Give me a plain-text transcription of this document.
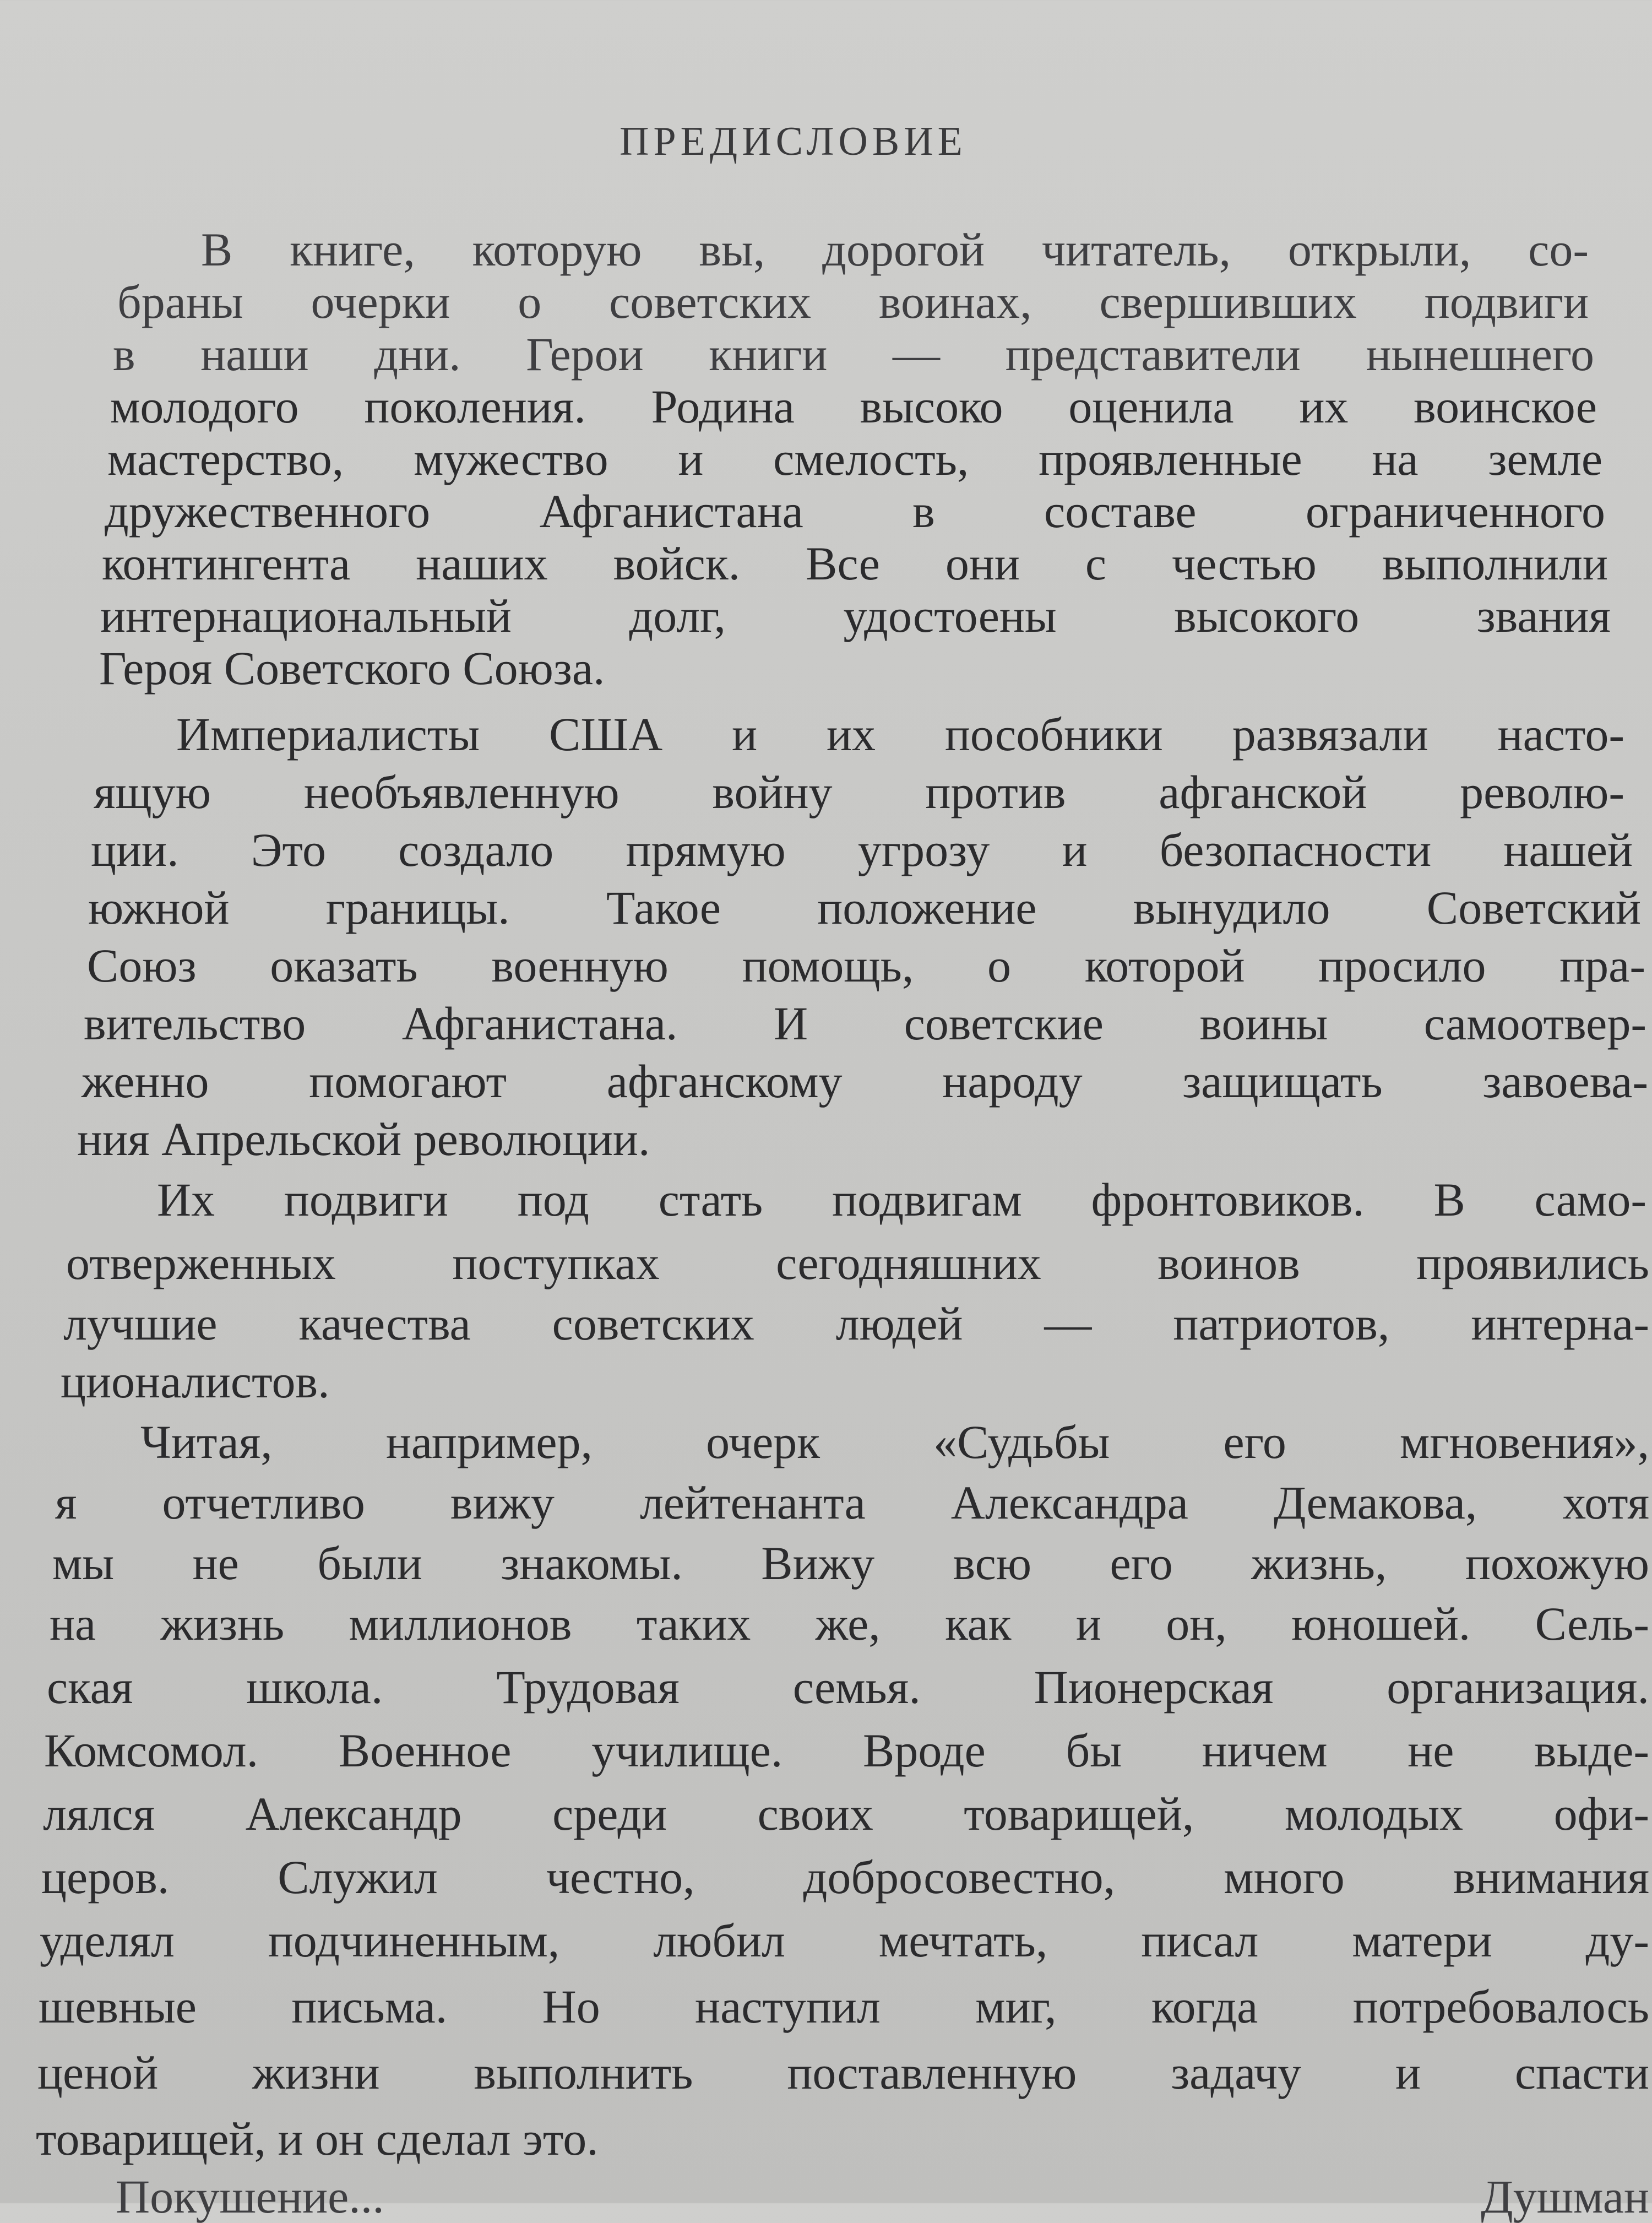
ПРЕДИСЛОВИЕ
В книге, которую вы, дорогой читатель, открыли, со-
браны очерки о советских воинах, свершивших подвиги
в наши дни. Герои книги — представители нынешнего
молодого поколения. Родина высоко оценила их воинское
мастерство, мужество и смелость, проявленные на земле
дружественного Афганистана в составе ограниченного
контингента наших войск. Все они с честью выполнили
интернациональный долг, удостоены высокого звания
Героя Советского Союза.
Империалисты США и их пособники развязали насто-
ящую необъявленную войну против афганской револю-
ции. Это создало прямую угрозу и безопасности нашей
южной границы. Такое положение вынудило Советский
Союз оказать военную помощь, о которой просило пра-
вительство Афганистана. И советские воины самоотвер-
женно помогают афганскому народу защищать завоева-
ния Апрельской революции.
Их подвиги под стать подвигам фронтовиков. В само-
отверженных поступках сегодняшних воинов проявились
лучшие качества советских людей — патриотов, интерна-
ционалистов.
Читая, например, очерк «Судьбы его мгновения»,
я отчетливо вижу лейтенанта Александра Демакова, хотя
мы не были знакомы. Вижу всю его жизнь, похожую
на жизнь миллионов таких же, как и он, юношей. Сель-
ская школа. Трудовая семья. Пионерская организация.
Комсомол. Военное училище. Вроде бы ничем не выде-
лялся Александр среди своих товарищей, молодых офи-
церов. Служил честно, добросовестно, много внимания
уделял подчиненным, любил мечтать, писал матери ду-
шевные письма. Но наступил миг, когда потребовалось
ценой жизни выполнить поставленную задачу и спасти
товарищей, и он сделал это.
Покушение... Душман
